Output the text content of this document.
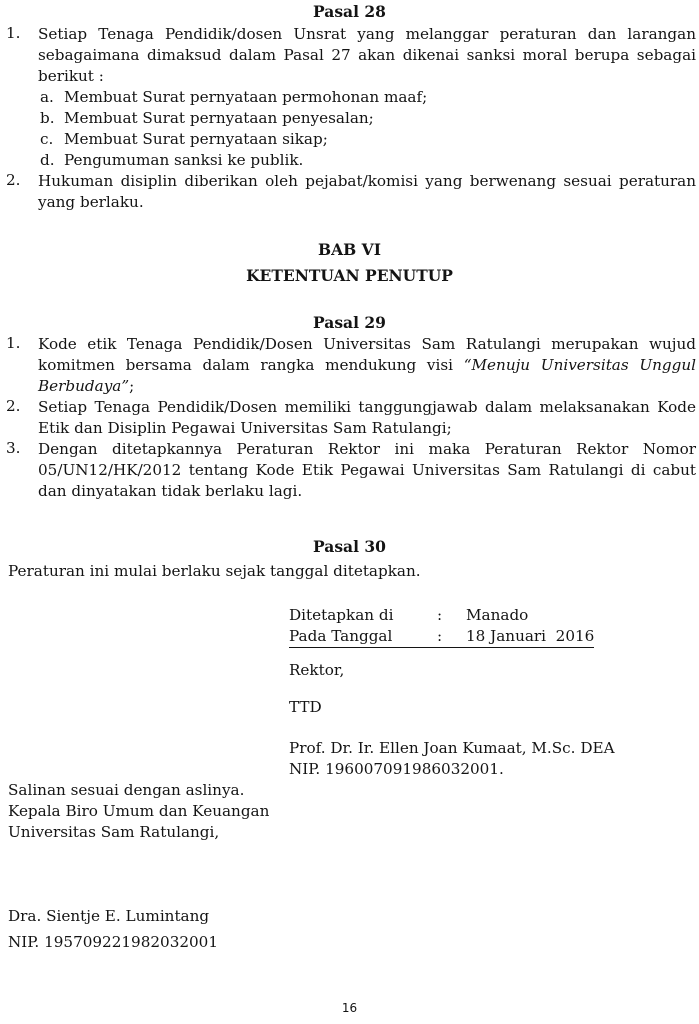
Pasal 28
1. Setiap Tenaga Pendidik/dosen Unsrat yang melanggar peraturan dan larangan sebagaimana dimaksud dalam Pasal 27 akan dikenai sanksi moral berupa sebagai berikut :
a. Membuat Surat pernyataan permohonan maaf;
b. Membuat Surat pernyataan penyesalan;
c. Membuat Surat pernyataan sikap;
d. Pengumuman sanksi ke publik.
2. Hukuman disiplin diberikan oleh pejabat/komisi yang berwenang sesuai peraturan yang berlaku.
BAB VI
KETENTUAN PENUTUP
Pasal 29
1. Kode etik Tenaga Pendidik/Dosen Universitas Sam Ratulangi merupakan wujud komitmen bersama dalam rangka mendukung visi “Menuju Universitas Unggul Berbudaya”;
2. Setiap Tenaga Pendidik/Dosen memiliki tanggungjawab dalam melaksanakan Kode Etik dan Disiplin Pegawai Universitas Sam Ratulangi;
3. Dengan ditetapkannya Peraturan Rektor ini maka Peraturan Rektor Nomor 05/UN12/HK/2012 tentang Kode Etik Pegawai Universitas Sam Ratulangi di cabut dan dinyatakan tidak berlaku lagi.
Pasal 30
Peraturan ini mulai berlaku sejak tanggal ditetapkan.
Ditetapkan di	: Manado
Pada Tanggal	: 18 Januari  2016
Rektor,
TTD
Prof. Dr. Ir. Ellen Joan Kumaat, M.Sc. DEA
NIP. 196007091986032001.
Salinan sesuai dengan aslinya.
Kepala Biro Umum dan Keuangan
Universitas Sam Ratulangi,
Dra. Sientje E. Lumintang
NIP. 195709221982032001
16
